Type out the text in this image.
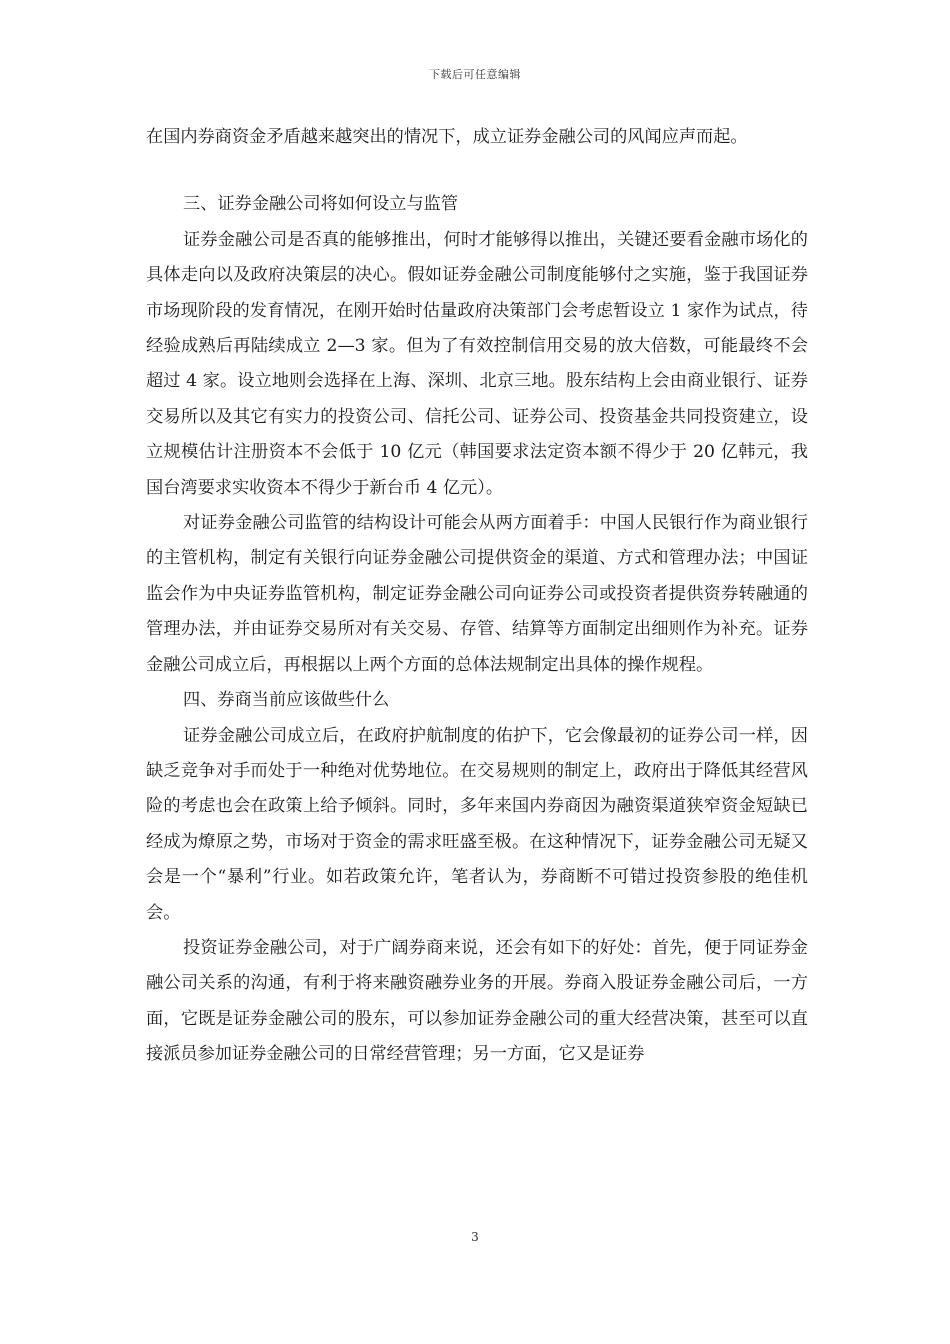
下载后可任意编辑

在国内券商资金矛盾越来越突出的情况下，成立证券金融公司的风闻应声而起。

三、证券金融公司将如何设立与监管

证券金融公司是否真的能够推出，何时才能够得以推出，关键还要看金融市场化的具体走向以及政府决策层的决心。假如证券金融公司制度能够付之实施，鉴于我国证券市场现阶段的发育情况，在刚开始时估量政府决策部门会考虑暂设立 1 家作为试点，待经验成熟后再陆续成立 2—3 家。但为了有效控制信用交易的放大倍数，可能最终不会超过 4 家。设立地则会选择在上海、深圳、北京三地。股东结构上会由商业银行、证券交易所以及其它有实力的投资公司、信托公司、证券公司、投资基金共同投资建立，设立规模估计注册资本不会低于 10 亿元（韩国要求法定资本额不得少于 20 亿韩元，我国台湾要求实收资本不得少于新台币 4 亿元）。

对证券金融公司监管的结构设计可能会从两方面着手：中国人民银行作为商业银行的主管机构，制定有关银行向证券金融公司提供资金的渠道、方式和管理办法；中国证监会作为中央证券监管机构，制定证券金融公司向证券公司或投资者提供资券转融通的管理办法，并由证券交易所对有关交易、存管、结算等方面制定出细则作为补充。证券金融公司成立后，再根据以上两个方面的总体法规制定出具体的操作规程。

四、券商当前应该做些什么

证券金融公司成立后，在政府护航制度的佑护下，它会像最初的证券公司一样，因缺乏竞争对手而处于一种绝对优势地位。在交易规则的制定上，政府出于降低其经营风险的考虑也会在政策上给予倾斜。同时，多年来国内券商因为融资渠道狭窄资金短缺已经成为燎原之势，市场对于资金的需求旺盛至极。在这种情况下，证券金融公司无疑又会是一个“暴利”行业。如若政策允许，笔者认为，券商断不可错过投资参股的绝佳机会。

投资证券金融公司，对于广阔券商来说，还会有如下的好处：首先，便于同证券金融公司关系的沟通，有利于将来融资融券业务的开展。券商入股证券金融公司后，一方面，它既是证券金融公司的股东，可以参加证券金融公司的重大经营决策，甚至可以直接派员参加证券金融公司的日常经营管理；另一方面，它又是证券

3
